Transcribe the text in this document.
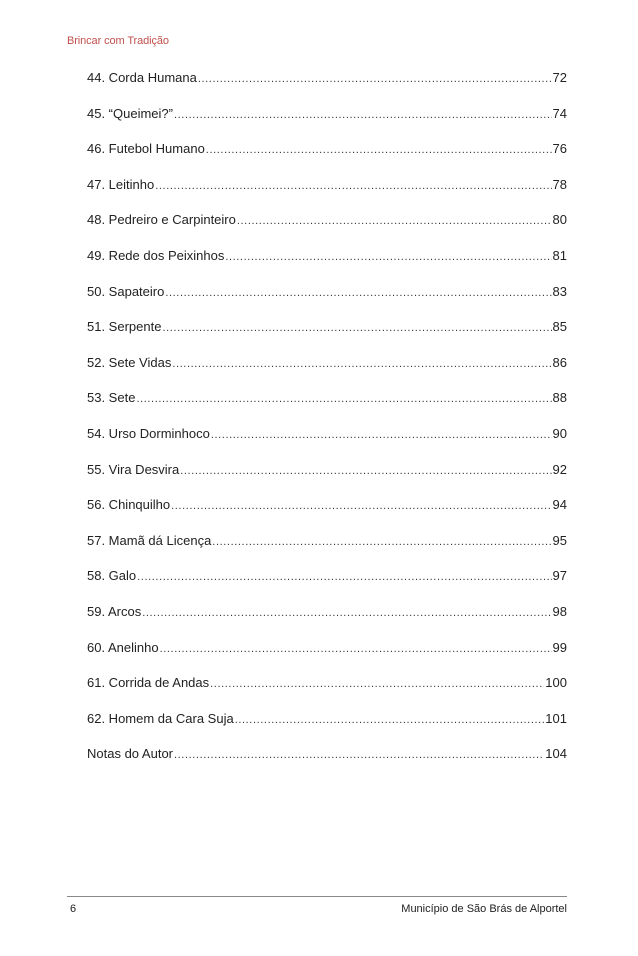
Brincar com Tradição
44. Corda Humana .....	72
45. “Queimei?” .....	74
46. Futebol Humano .....	76
47. Leitinho .....	78
48. Pedreiro e Carpinteiro .....	80
49. Rede dos Peixinhos .....	81
50. Sapateiro .....	83
51. Serpente .....	85
52. Sete Vidas .....	86
53. Sete .....	88
54. Urso Dorminhoco .....	90
55. Vira Desvira .....	92
56. Chinquilho .....	94
57. Mamã dá Licença .....	95
58. Galo .....	97
59. Arcos .....	98
60. Anelinho .....	99
61. Corrida de Andas .....	100
62. Homem da Cara Suja .....	101
Notas do Autor .....	104
6	Município de São Brás de Alportel
